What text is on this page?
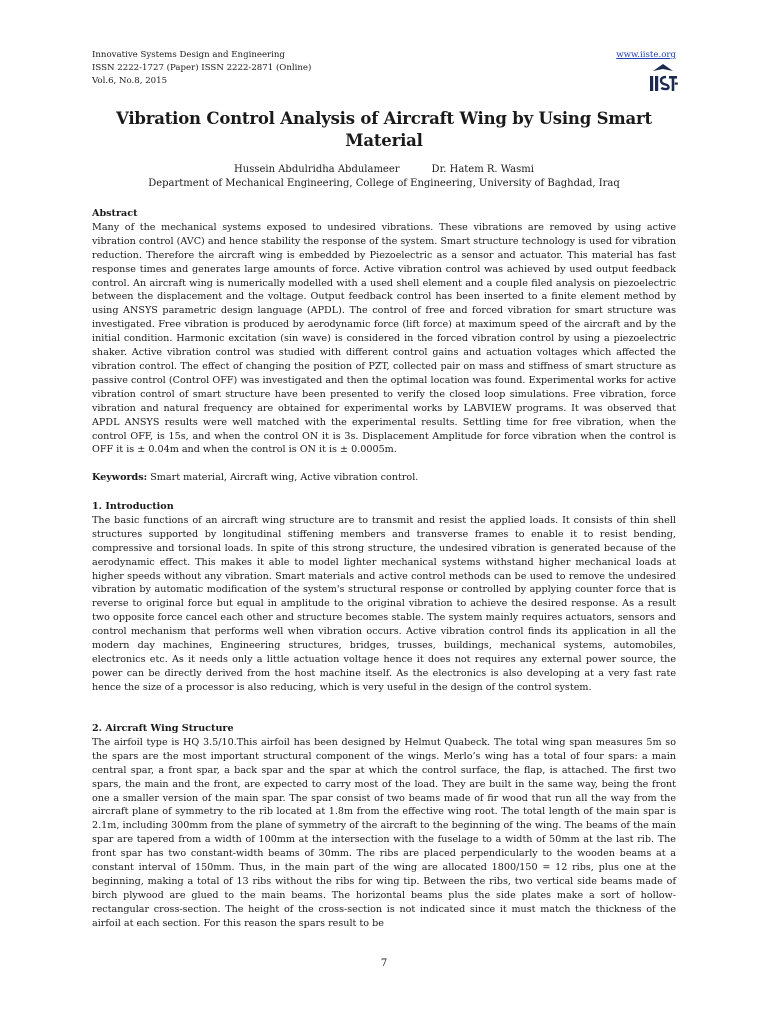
Innovative Systems Design and Engineering
ISSN 2222-1727 (Paper) ISSN 2222-2871 (Online)
Vol.6, No.8, 2015
www.iiste.org
Vibration Control Analysis of Aircraft Wing by Using Smart Material
Hussein Abdulridha Abdulameer	Dr. Hatem R. Wasmi
Department of Mechanical Engineering, College of Engineering, University of Baghdad, Iraq
Abstract

Many of the mechanical systems exposed to undesired vibrations. These vibrations are removed by using active vibration control (AVC) and hence stability the response of the system. Smart structure technology is used for vibration reduction. Therefore the aircraft wing is embedded by Piezoelectric as a sensor and actuator. This material has fast response times and generates large amounts of force. Active vibration control was achieved by used output feedback control. An aircraft wing is numerically modelled with a used shell element and a couple filed analysis on piezoelectric between the displacement and the voltage. Output feedback control has been inserted to a finite element method by using ANSYS parametric design language (APDL). The control of free and forced vibration for smart structure was investigated. Free vibration is produced by aerodynamic force (lift force) at maximum speed of the aircraft and by the initial condition. Harmonic excitation (sin wave) is considered in the forced vibration control by using a piezoelectric shaker. Active vibration control was studied with different control gains and actuation voltages which affected the vibration control. The effect of changing the position of PZT, collected pair on mass and stiffness of smart structure as passive control (Control OFF) was investigated and then the optimal location was found. Experimental works for active vibration control of smart structure have been presented to verify the closed loop simulations. Free vibration, force vibration and natural frequency are obtained for experimental works by LABVIEW programs. It was observed that APDL ANSYS results were well matched with the experimental results. Settling time for free vibration, when the control OFF, is 15s, and when the control ON it is 3s. Displacement Amplitude for force vibration when the control is OFF it is ± 0.04m and when the control is ON it is ± 0.0005m.

Keywords: Smart material, Aircraft wing, Active vibration control.
1. Introduction

The basic functions of an aircraft wing structure are to transmit and resist the applied loads. It consists of thin shell structures supported by longitudinal stiffening members and transverse frames to enable it to resist bending, compressive and torsional loads. In spite of this strong structure, the undesired vibration is generated because of the aerodynamic effect. This makes it able to model lighter mechanical systems withstand higher mechanical loads at higher speeds without any vibration. Smart materials and active control methods can be used to remove the undesired vibration by automatic modification of the system's structural response or controlled by applying counter force that is reverse to original force but equal in amplitude to the original vibration to achieve the desired response. As a result two opposite force cancel each other and structure becomes stable. The system mainly requires actuators, sensors and control mechanism that performs well when vibration occurs. Active vibration control finds its application in all the modern day machines, Engineering structures, bridges, trusses, buildings, mechanical systems, automobiles, electronics etc. As it needs only a little actuation voltage hence it does not requires any external power source, the power can be directly derived from the host machine itself. As the electronics is also developing at a very fast rate hence the size of a processor is also reducing, which is very useful in the design of the control system.

2. Aircraft Wing Structure

The airfoil type is HQ 3.5/10.This airfoil has been designed by Helmut Quabeck. The total wing span measures 5m so the spars are the most important structural component of the wings. Merlo’s wing has a total of four spars: a main central spar, a front spar, a back spar and the spar at which the control surface, the flap, is attached. The first two spars, the main and the front, are expected to carry most of the load. They are built in the same way, being the front one a smaller version of the main spar. The spar consist of two beams made of fir wood that run all the way from the aircraft plane of symmetry to the rib located at 1.8m from the effective wing root. The total length of the main spar is 2.1m, including 300mm from the plane of symmetry of the aircraft to the beginning of the wing. The beams of the main spar are tapered from a width of 100mm at the intersection with the fuselage to a width of 50mm at the last rib. The front spar has two constant-width beams of 30mm. The ribs are placed perpendicularly to the wooden beams at a constant interval of 150mm. Thus, in the main part of the wing are allocated 1800/150 = 12 ribs, plus one at the beginning, making a total of 13 ribs without the ribs for wing tip. Between the ribs, two vertical side beams made of birch plywood are glued to the main beams. The horizontal beams plus the side plates make a sort of hollow-rectangular cross-section. The height of the cross-section is not indicated since it must match the thickness of the airfoil at each section. For this reason the spars result to be

7
